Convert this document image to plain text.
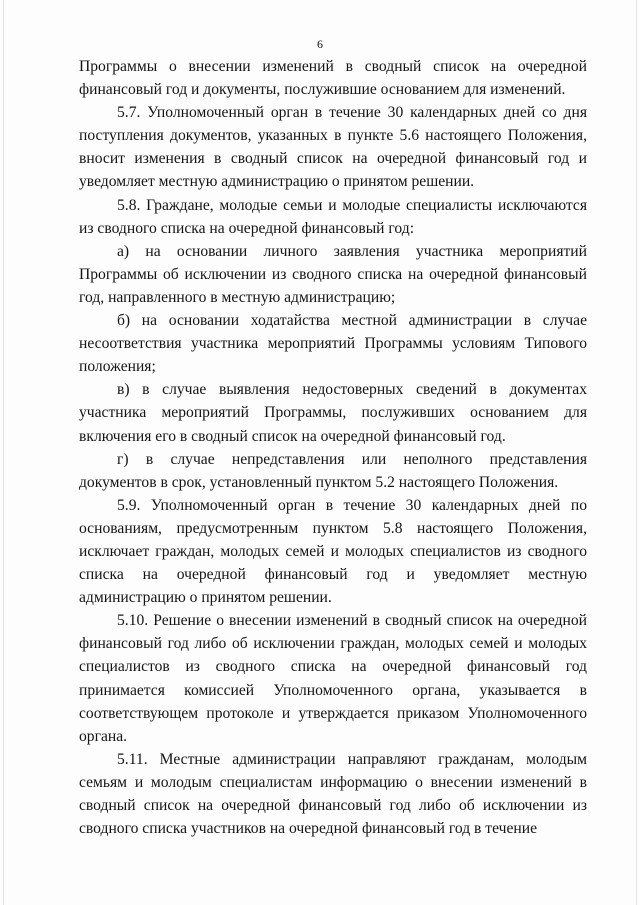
6

Программы о внесении изменений в сводный список на очередной финансовый год и документы, послужившие основанием для изменений.

5.7. Уполномоченный орган в течение 30 календарных дней со дня поступления документов, указанных в пункте 5.6 настоящего Положения, вносит изменения в сводный список на очередной финансовый год и уведомляет местную администрацию о принятом решении.

5.8. Граждане, молодые семьи и молодые специалисты исключаются из сводного списка на очередной финансовый год:

а) на основании личного заявления участника мероприятий Программы об исключении из сводного списка на очередной финансовый год, направленного в местную администрацию;

б) на основании ходатайства местной администрации в случае несоответствия участника мероприятий Программы условиям Типового положения;

в) в случае выявления недостоверных сведений в документах участника мероприятий Программы, послуживших основанием для включения его в сводный список на очередной финансовый год.

г) в случае непредставления или неполного представления документов в срок, установленный пунктом 5.2 настоящего Положения.

5.9. Уполномоченный орган в течение 30 календарных дней по основаниям, предусмотренным пунктом 5.8 настоящего Положения, исключает граждан, молодых семей и молодых специалистов из сводного списка на очередной финансовый год и уведомляет местную администрацию о принятом решении.

5.10. Решение о внесении изменений в сводный список на очередной финансовый год либо об исключении граждан, молодых семей и молодых специалистов из сводного списка на очередной финансовый год принимается комиссией Уполномоченного органа, указывается в соответствующем протоколе и утверждается приказом Уполномоченного органа.

5.11. Местные администрации направляют гражданам, молодым семьям и молодым специалистам информацию о внесении изменений в сводный список на очередной финансовый год либо об исключении из сводного списка участников на очередной финансовый год в течение
